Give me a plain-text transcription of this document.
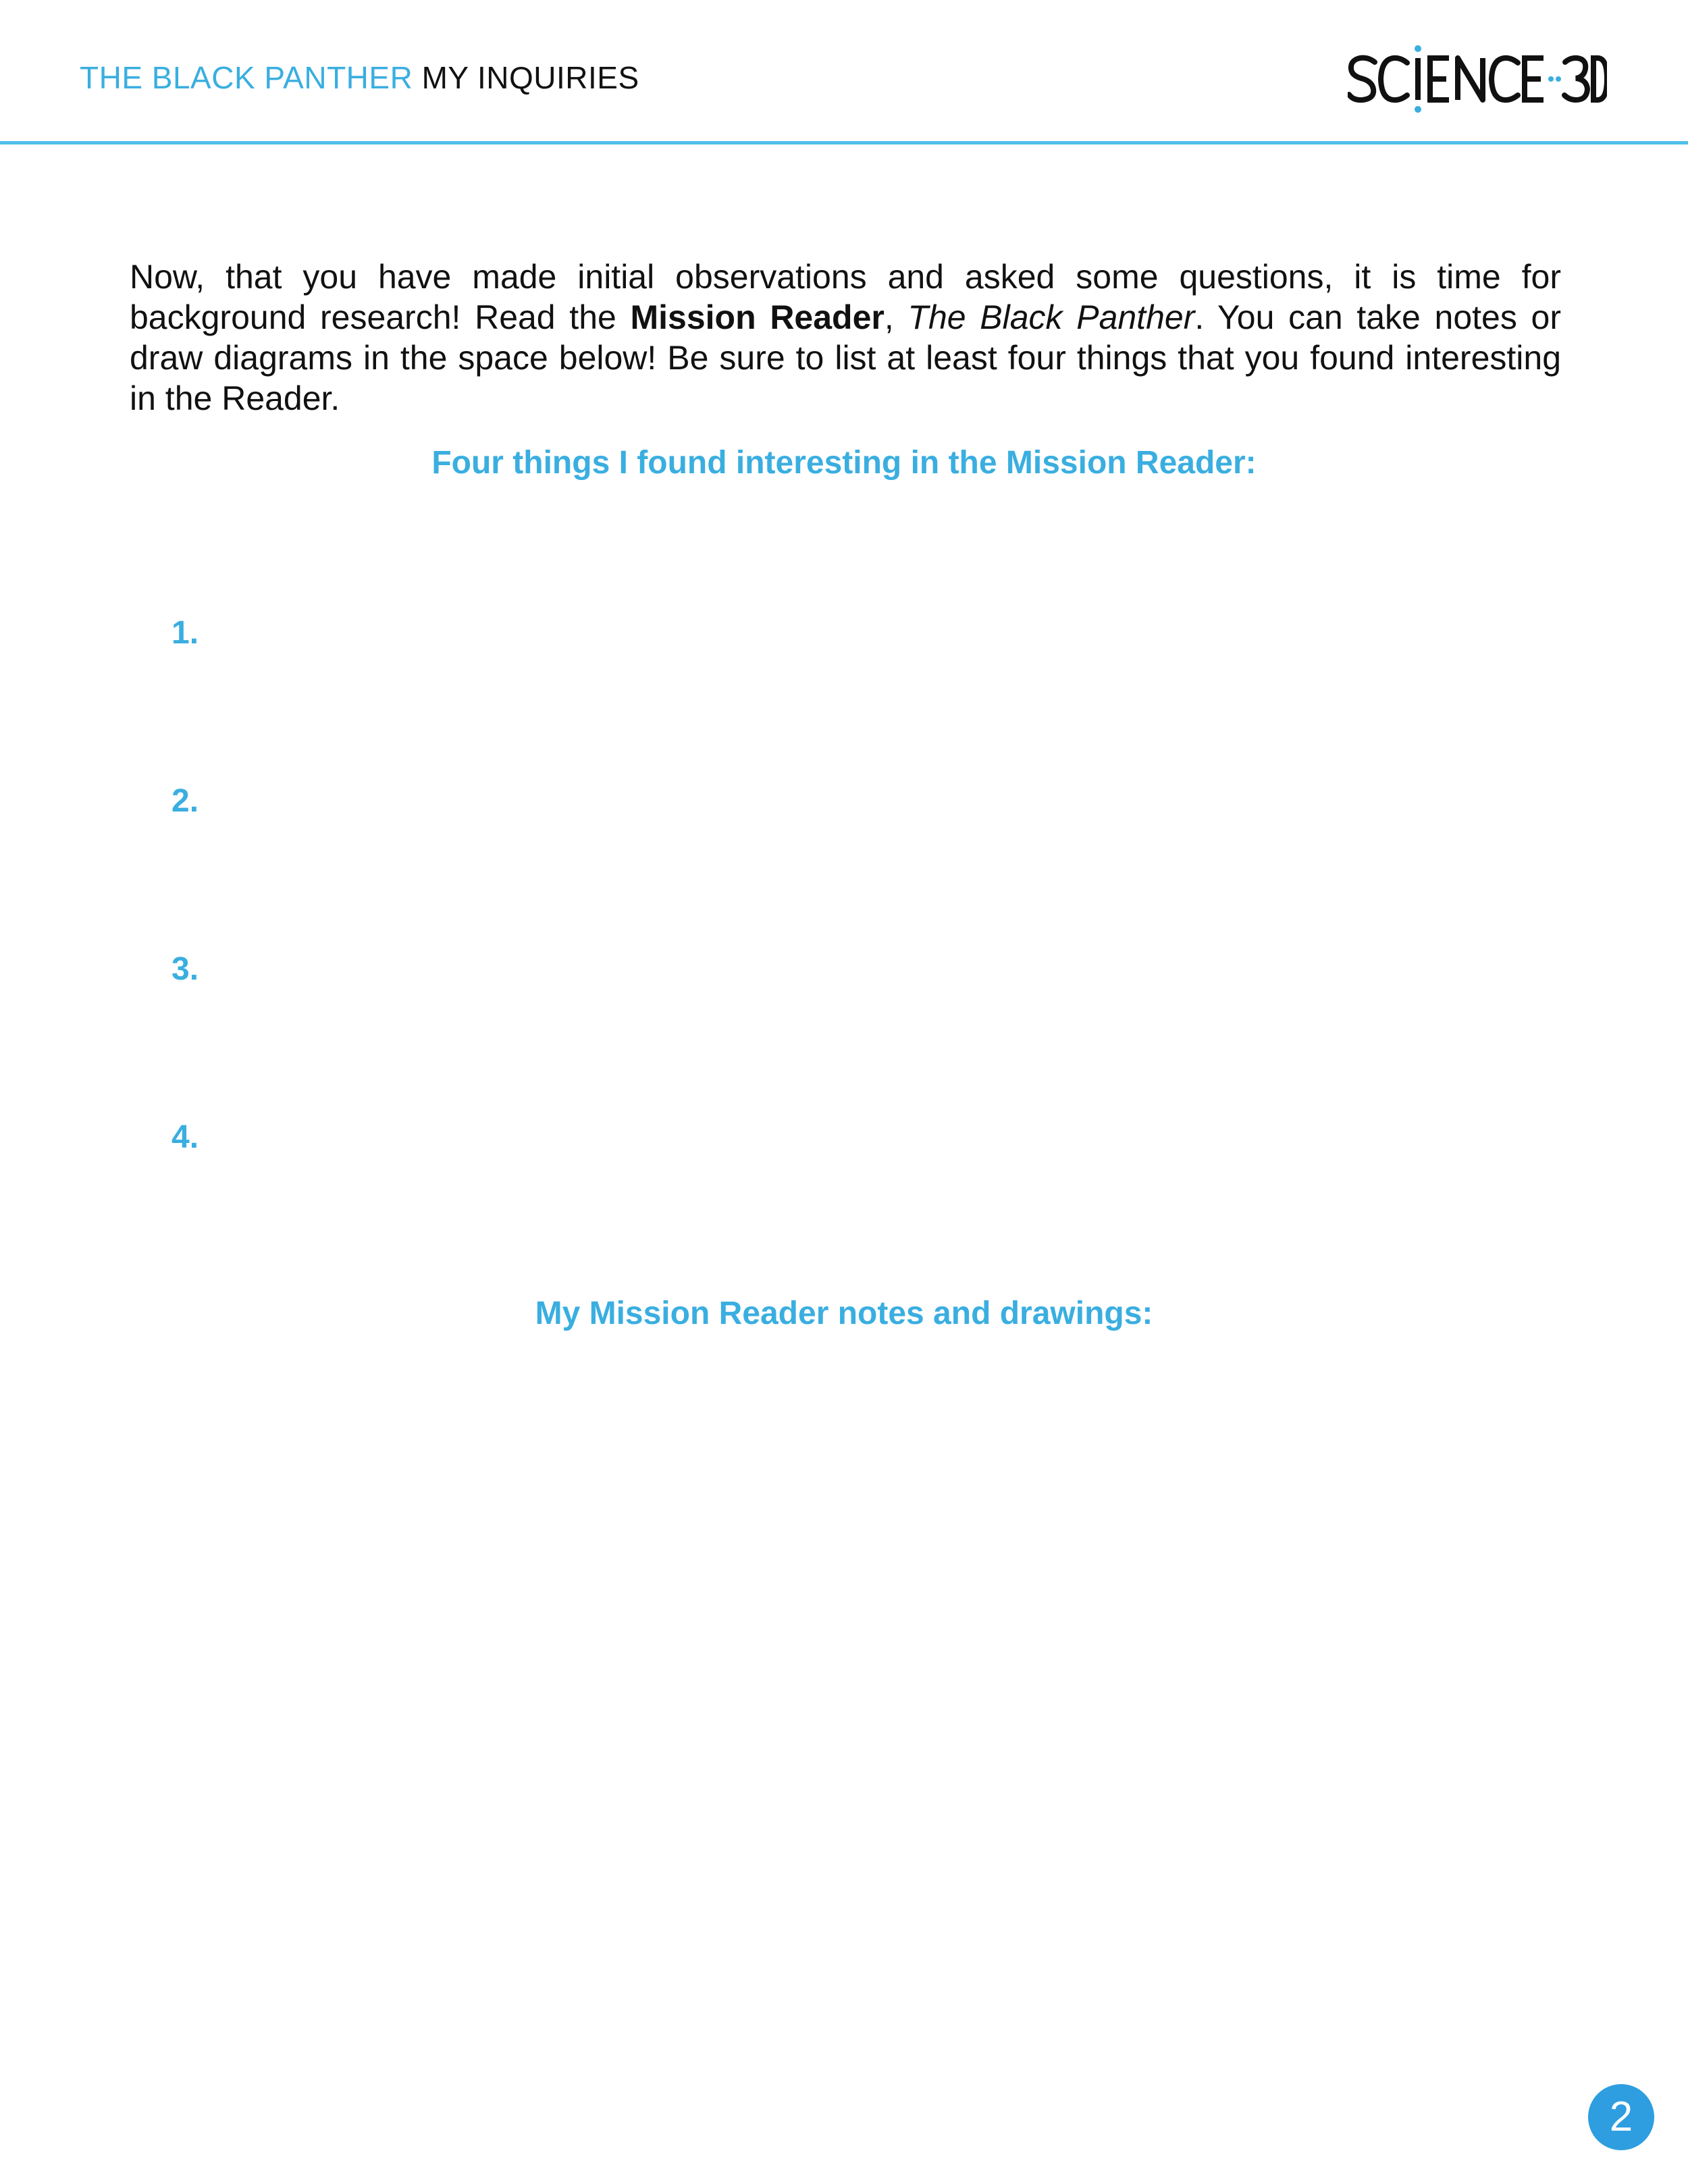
THE BLACK PANTHER MY INQUIRIES

Now, that you have made initial observations and asked some questions, it is time for background research! Read the Mission Reader, The Black Panther. You can take notes or draw diagrams in the space below! Be sure to list at least four things that you found interesting in the Reader.

Four things I found interesting in the Mission Reader:
1.
2.
3.
4.
My Mission Reader notes and drawings:
2
